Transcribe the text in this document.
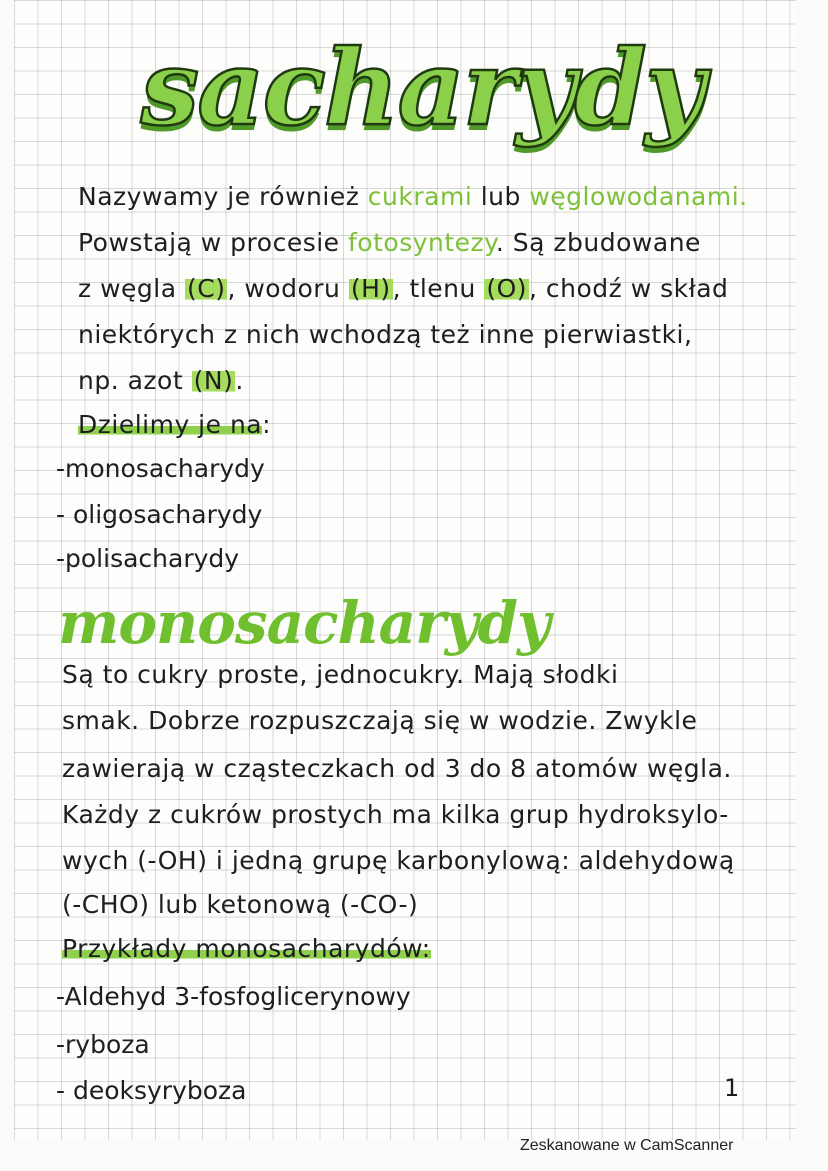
sacharydy
Nazywamy je również cukrami lub węglowodanami.
Powstają w procesie fotosyntezy. Są zbudowane
z węgla (C), wodoru (H), tlenu (O), chodź w skład
niektórych z nich wchodzą też inne pierwiastki,
np. azot (N).
Dzielimy je na:
-monosacharydy
- oligosacharydy
-polisacharydy
monosacharydy
Są to cukry proste, jednocukry. Mają słodki
smak. Dobrze rozpuszczają się w wodzie. Zwykle
zawierają w cząsteczkach od 3 do 8 atomów węgla.
Każdy z cukrów prostych ma kilka grup hydroksylo-
wych (-OH) i jedną grupę karbonylową: aldehydową
(-CHO) lub ketonową (-CO-)
Przykłady monosacharydów:
-Aldehyd 3-fosfoglicerynowy
-ryboza
- deoksyryboza	1
Zeskanowane w CamScanner
